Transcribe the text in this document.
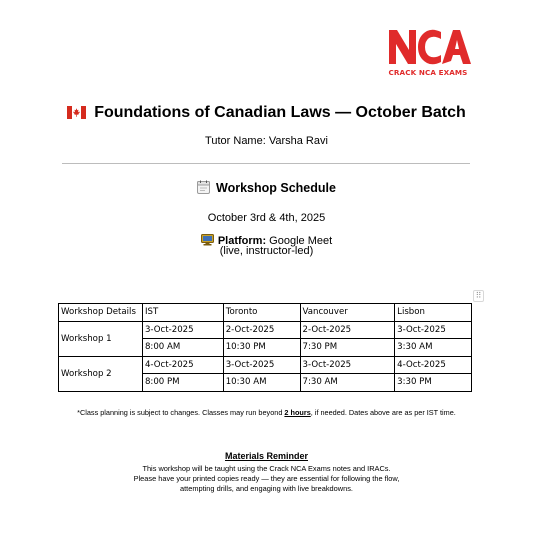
CRACK NCA EXAMS
Foundations of Canadian Laws — October Batch
Tutor Name: Varsha Ravi
Workshop Schedule
October 3rd & 4th, 2025
Platform: Google Meet
(live, instructor-led)
⠿
Workshop Details	IST	Toronto	Vancouver	Lisbon
Workshop 1	3-Oct-2025	2-Oct-2025	2-Oct-2025	3-Oct-2025
	8:00 AM	10:30 PM	7:30 PM	3:30 AM
Workshop 2	4-Oct-2025	3-Oct-2025	3-Oct-2025	4-Oct-2025
	8:00 PM	10:30 AM	7:30 AM	3:30 PM
*Class planning is subject to changes. Classes may run beyond 2 hours, if needed. Dates above are as per IST time.
Materials Reminder
This workshop will be taught using the Crack NCA Exams notes and IRACs.
Please have your printed copies ready — they are essential for following the flow,
attempting drills, and engaging with live breakdowns.
